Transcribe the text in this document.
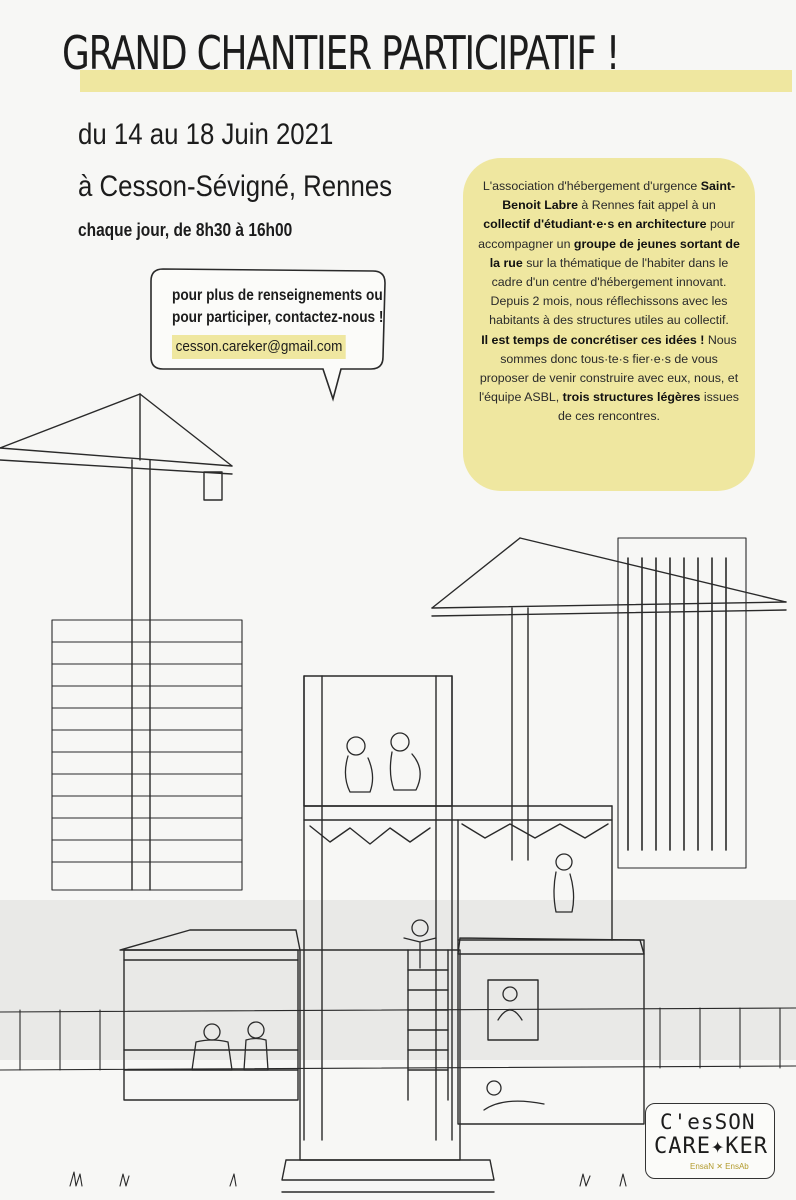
GRAND CHANTIER PARTICIPATIF !
du 14 au 18 Juin 2021
à Cesson-Sévigné, Rennes
chaque jour, de 8h30 à 16h00
pour plus de renseignements ou
pour participer, contactez-nous !
cesson.careker@gmail.com
L'association d'hébergement d'urgence Saint-Benoit Labre à Rennes fait appel à un collectif d'étudiant·e·s en architecture pour accompagner un groupe de jeunes sortant de la rue sur la thématique de l'habiter dans le cadre d'un centre d'hébergement innovant. Depuis 2 mois, nous réflechissons avec les habitants à des structures utiles au collectif.
Il est temps de concrétiser ces idées ! Nous sommes donc tous·te·s fier·e·s de vous proposer de venir construire avec eux, nous, et l'équipe ASBL, trois structures légères issues de ces rencontres.
C'esSON
CARE✦KER
EnsaN ✕ EnsAb
